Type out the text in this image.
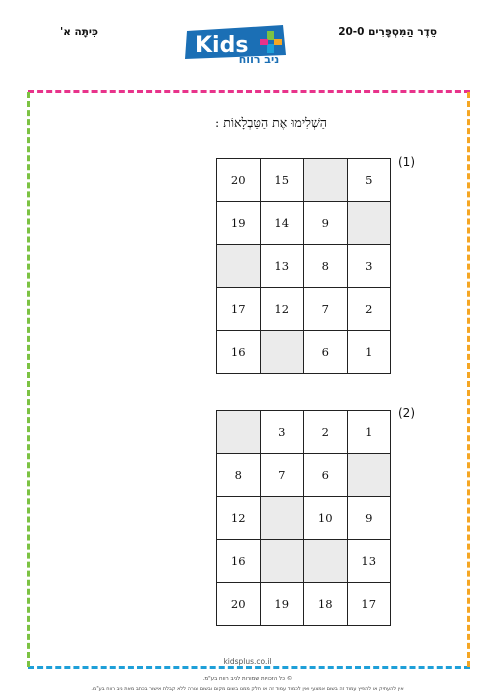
סֵדֶר הַמִּסְפָּרִים 20-0
כִּיתָּה א'
Kids
ניב רווח
הַשְׁלִימוּ אֶת הַטַּבְלָאוֹת :
(1)
5		15	20
	9	14	19
3	8	13	
2	7	12	17
1	6		16
(2)
1	2	3	
	6	7	8
9	10		12
13			16
17	18	19	20
kidsplus.co.il
© כל הזכויות שמורות לניב רווח בע"מ.
אין להעתיק או להפיץ עמוד זה בשום אמצעי ואין לכמוד עמוד זה או חלק ממנו בשום מקום ובשום צורה ללא קבלת אישור בכתב מאת ניב רווח בע"מ.
